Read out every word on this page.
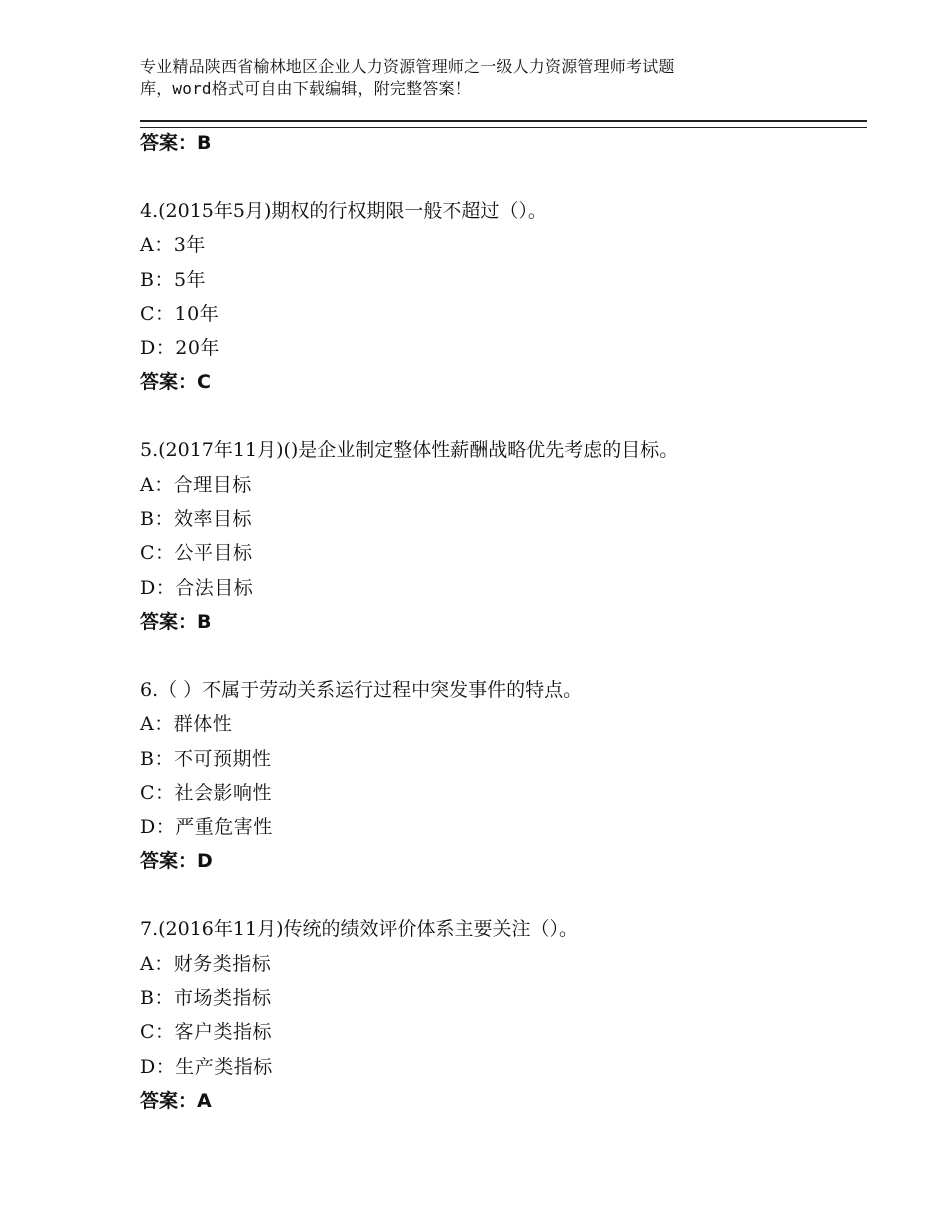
专业精品陕西省榆林地区企业人力资源管理师之一级人力资源管理师考试题
库，word格式可自由下载编辑，附完整答案！
答案：B
4.(2015年5月)期权的行权期限一般不超过（）。
A：3年
B：5年
C：10年
D：20年
答案：C
5.(2017年11月)()是企业制定整体性薪酬战略优先考虑的目标。
A：合理目标
B：效率目标
C：公平目标
D：合法目标
答案：B
6.（ ）不属于劳动关系运行过程中突发事件的特点。
A：群体性
B：不可预期性
C：社会影响性
D：严重危害性
答案：D
7.(2016年11月)传统的绩效评价体系主要关注（）。
A：财务类指标
B：市场类指标
C：客户类指标
D：生产类指标
答案：A
